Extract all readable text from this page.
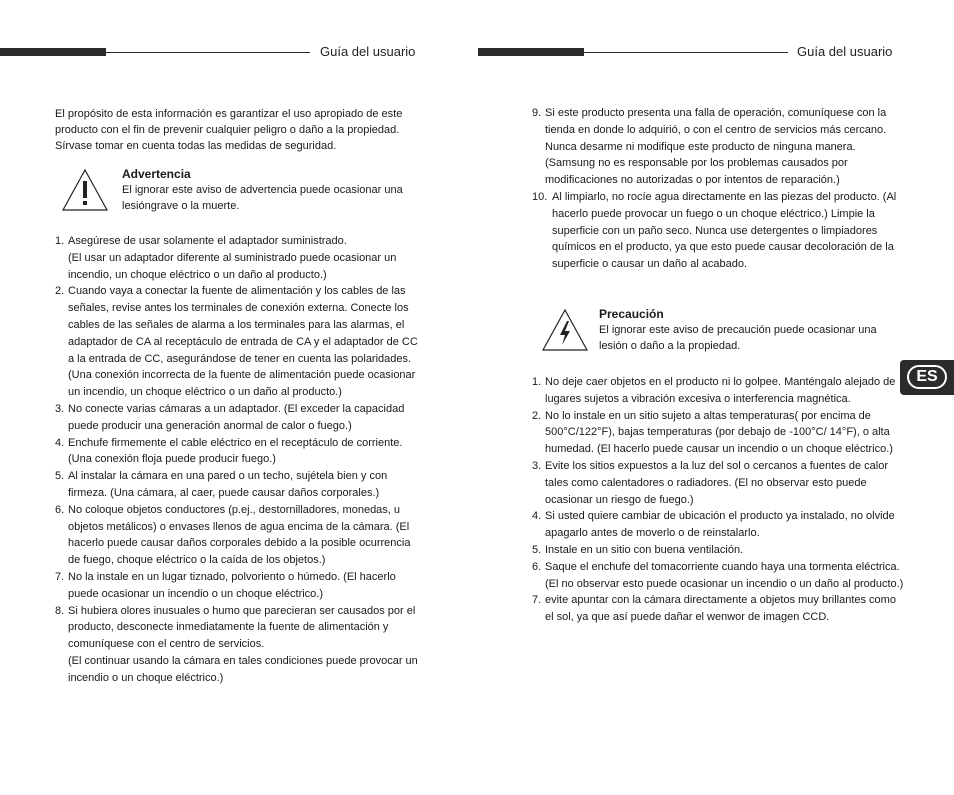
Guía del usuario	Guía del usuario
El propósito de esta información es garantizar el uso apropiado de este producto con el fin de prevenir cualquier peligro o daño a la propiedad. Sírvase tomar en cuenta todas las medidas de seguridad.
Advertencia
El ignorar este aviso de advertencia puede ocasionar una lesióngrave o la muerte.
1. Asegúrese de usar solamente el adaptador suministrado.
(El usar un adaptador diferente al suministrado puede ocasionar un incendio, un choque eléctrico o un daño al producto.)
2. Cuando vaya a conectar la fuente de alimentación y los cables de las señales, revise antes los terminales de conexión externa. Conecte los cables de las señales de alarma a los terminales para las alarmas, el adaptador de CA al receptáculo de entrada de CA y el adaptador de CC a la entrada de CC, asegurándose de tener en cuenta las polaridades. (Una conexión incorrecta de la fuente de alimentación puede ocasionar un incendio, un choque eléctrico o un daño al producto.)
3. No conecte varias cámaras a un adaptador. (El exceder la capacidad puede producir una generación anormal de calor o fuego.)
4. Enchufe firmemente el cable eléctrico en el receptáculo de corriente. (Una conexión floja puede producir fuego.)
5. Al instalar la cámara en una pared o un techo, sujétela bien y con firmeza. (Una cámara, al caer, puede causar daños corporales.)
6. No coloque objetos conductores (p.ej., destornilladores, monedas, u objetos metálicos) o envases llenos de agua encima de la cámara. (El hacerlo puede causar daños corporales debido a la posible ocurrencia de fuego, choque eléctrico o la caída de los objetos.)
7. No la instale en un lugar tiznado, polvoriento o húmedo. (El hacerlo puede ocasionar un incendio o un choque eléctrico.)
8. Si hubiera olores inusuales o humo que parecieran ser causados por el producto, desconecte inmediatamente la fuente de alimentación y comuníquese con el centro de servicios.
(El continuar usando la cámara en tales condiciones puede provocar un incendio o un choque eléctrico.)
9. Si este producto presenta una falla de operación, comuníquese con la tienda en donde lo adquirió, o con el centro de servicios más cercano. Nunca desarme ni modifique este producto de ninguna manera. (Samsung no es responsable por los problemas causados por modificaciones no autorizadas o por intentos de reparación.)
10. Al limpiarlo, no rocíe agua directamente en las piezas del producto. (Al hacerlo puede provocar un fuego o un choque eléctrico.) Limpie la superficie con un paño seco. Nunca use detergentes o limpiadores químicos en el producto, ya que esto puede causar decoloración de la superficie o causar un daño al acabado.
Precaución
El ignorar este aviso de precaución puede ocasionar una lesión o daño a la propiedad.
1. No deje caer objetos en el producto ni lo golpee. Manténgalo alejado de lugares sujetos a vibración excesiva o interferencia magnética.
2. No lo instale en un sitio sujeto a altas temperaturas( por encima de 500°C/122°F), bajas temperaturas (por debajo de -100°C/ 14°F), o alta humedad. (El hacerlo puede causar un incendio o un choque eléctrico.)
3. Evite los sitios expuestos a la luz del sol o cercanos a fuentes de calor tales como calentadores o radiadores. (El no observar esto puede ocasionar un riesgo de fuego.)
4. Si usted quiere cambiar de ubicación el producto ya instalado, no olvide apagarlo antes de moverlo o de reinstalarlo.
5. Instale en un sitio con buena ventilación.
6. Saque el enchufe del tomacorriente cuando haya una tormenta eléctrica. (El no observar esto puede ocasionar un incendio o un daño al producto.)
7. evite apuntar con la cámara directamente a objetos muy brillantes como el sol, ya que así puede dañar el wenwor de imagen CCD.
ES
